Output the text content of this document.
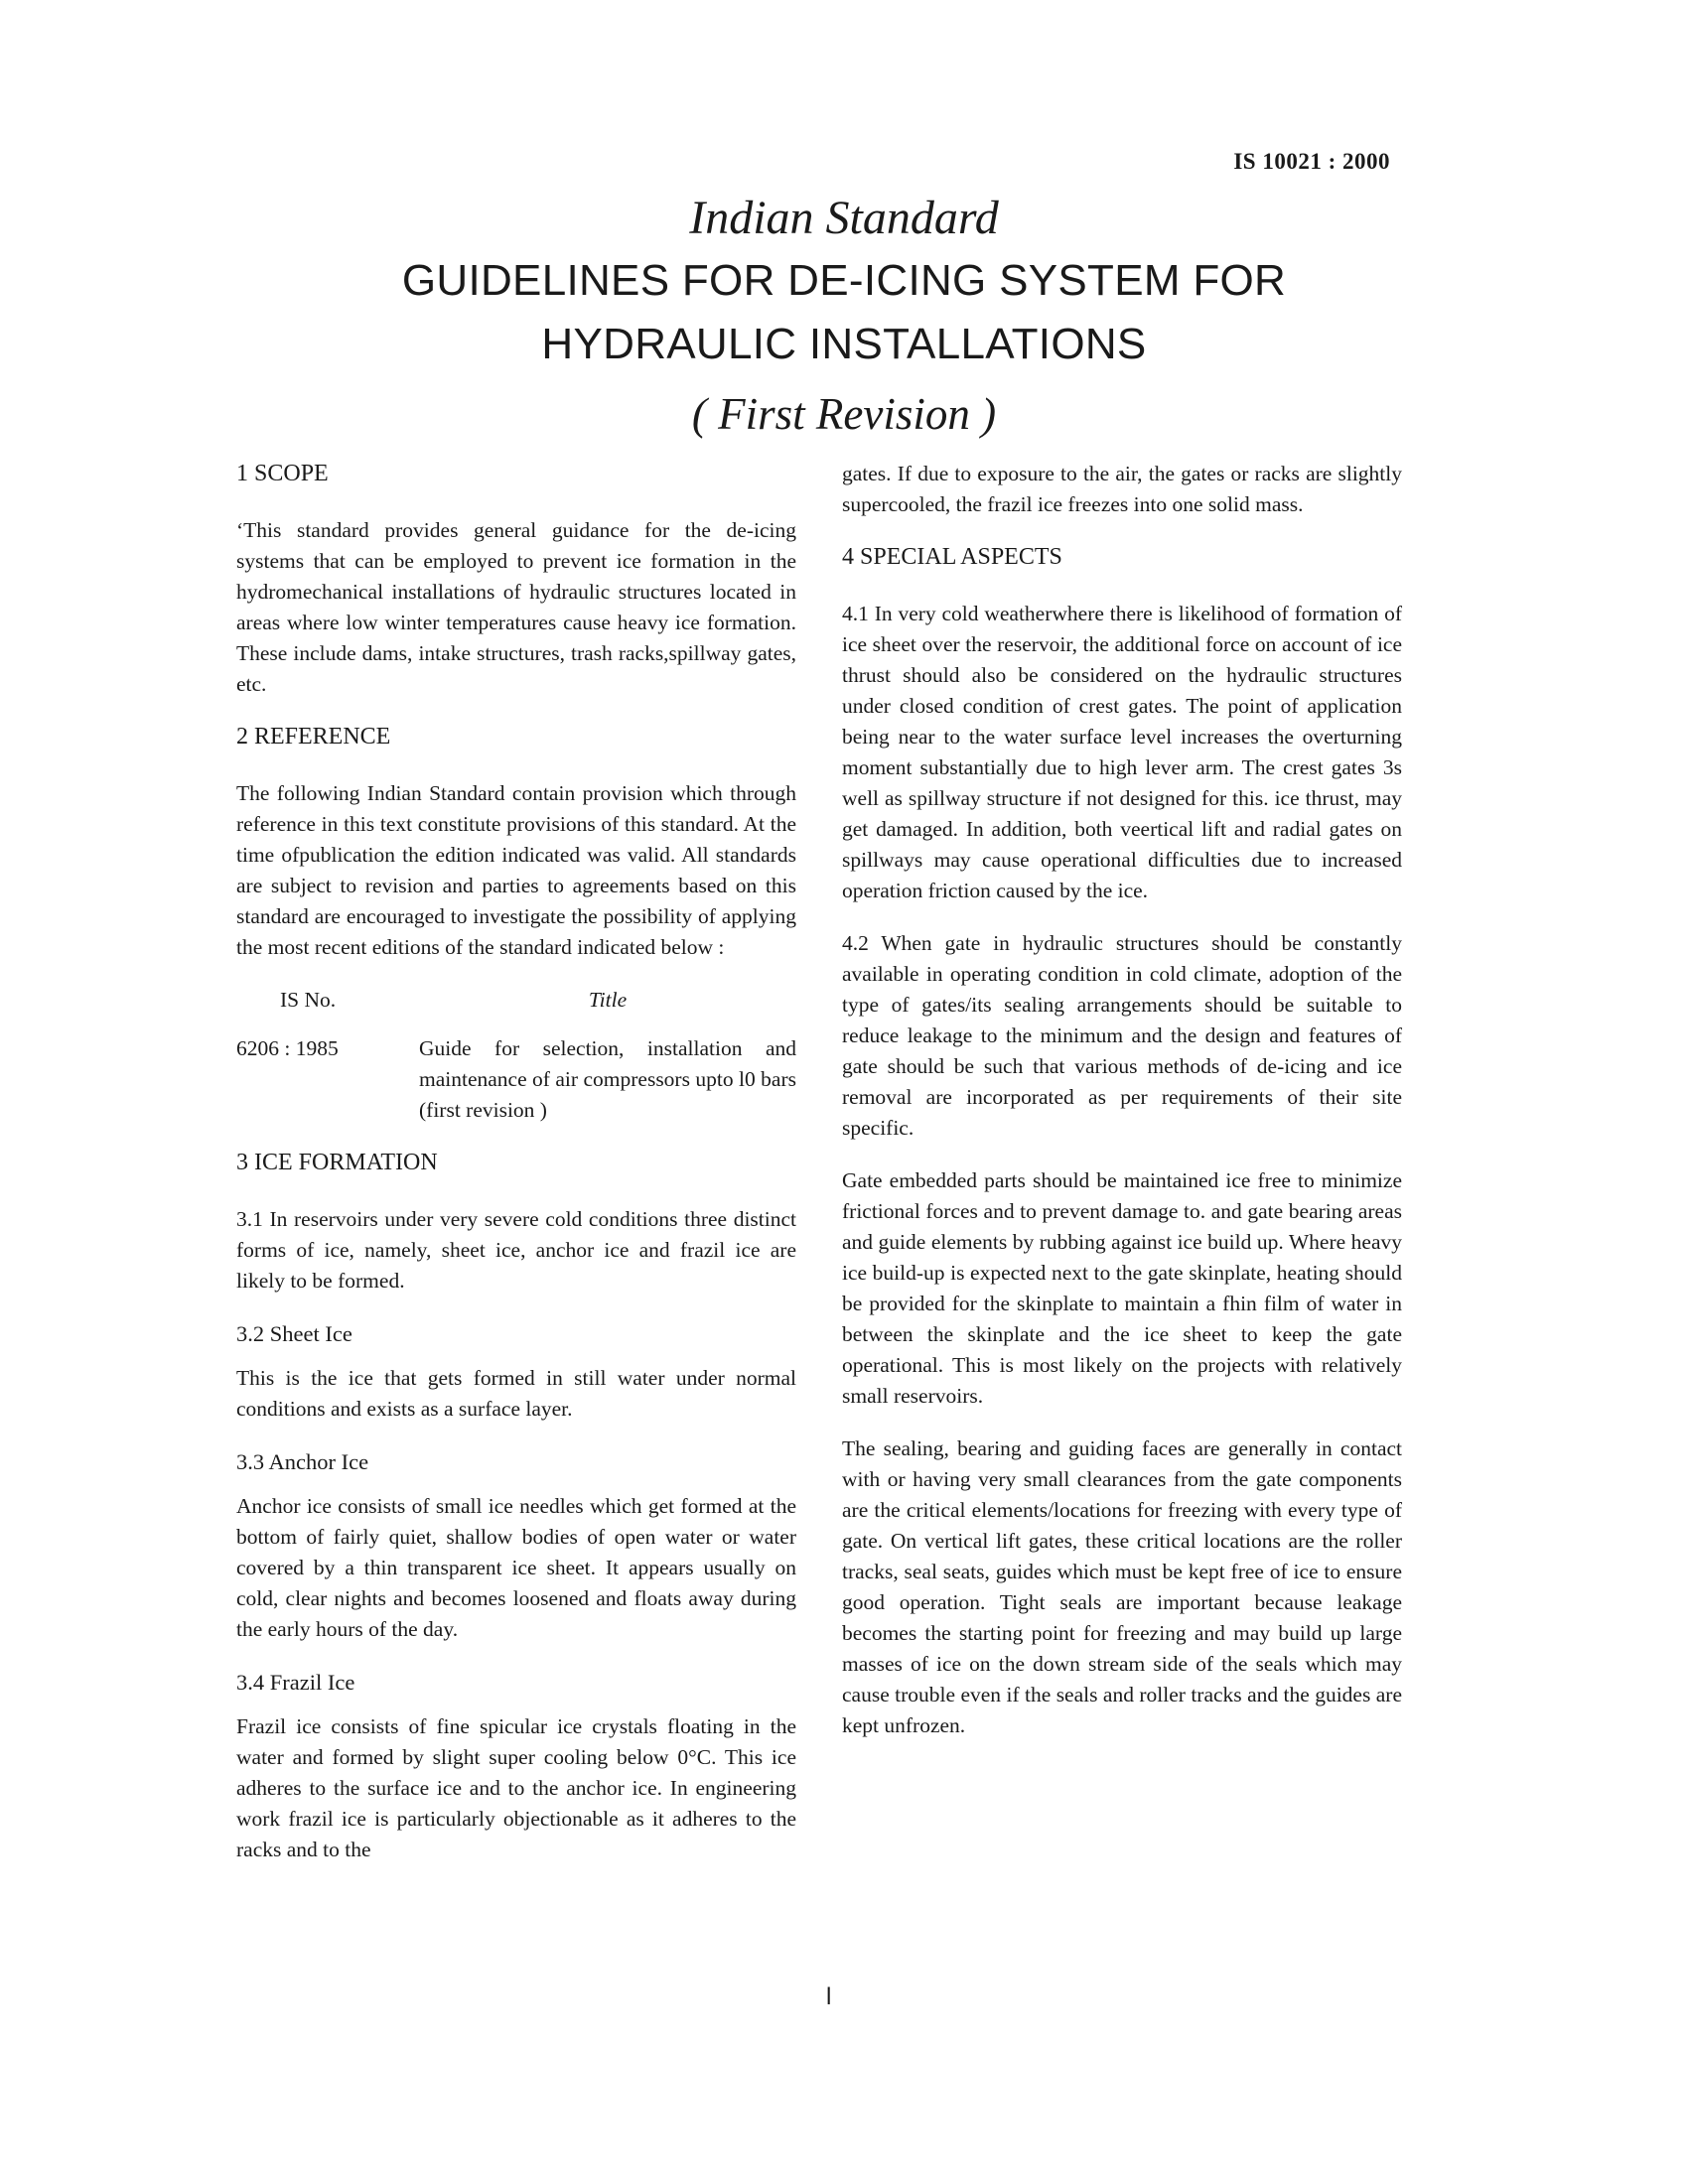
IS 10021 : 2000
Indian Standard
GUIDELINES FOR DE-ICING SYSTEM FOR
HYDRAULIC INSTALLATIONS
( First Revision )
1 SCOPE

‘This standard provides general guidance for the de-icing systems that can be employed to prevent ice formation in the hydromechanical installations of hydraulic structures located in areas where low winter temperatures cause heavy ice formation. These include dams, intake structures, trash racks,spillway gates, etc.

2 REFERENCE

The following Indian Standard contain provision which through reference in this text constitute provisions of this standard. At the time ofpublication the edition indicated was valid. All standards are subject to revision and parties to agreements based on this standard are encouraged to investigate the possibility of applying the most recent editions of the standard indicated below :

IS No.	Title
6206 : 1985	Guide for selection, installation and maintenance of air compressors upto l0 bars (first revision )
3 ICE FORMATION

3.1 In reservoirs under very severe cold conditions three distinct forms of ice, namely, sheet ice, anchor ice and frazil ice are likely to be formed.

3.2 Sheet Ice

This is the ice that gets formed in still water under normal conditions and exists as a surface layer.

3.3 Anchor Ice

Anchor ice consists of small ice needles which get formed at the bottom of fairly quiet, shallow bodies of open water or water covered by a thin transparent ice sheet. It appears usually on cold, clear nights and becomes loosened and floats away during the early hours of the day.

3.4 Frazil Ice

Frazil ice consists of fine spicular ice crystals floating in the water and formed by slight super cooling below 0°C. This ice adheres to the surface ice and to the anchor ice. In engineering work frazil ice is particularly objectionable as it adheres to the racks and to the

gates. If due to exposure to the air, the gates or racks are slightly supercooled, the frazil ice freezes into one solid mass.

4 SPECIAL ASPECTS

4.1 In very cold weatherwhere there is likelihood of formation of ice sheet over the reservoir, the additional force on account of ice thrust should also be considered on the hydraulic structures under closed condition of crest gates. The point of application being near to the water surface level increases the overturning moment substantially due to high lever arm. The crest gates 3s well as spillway structure if not designed for this. ice thrust, may get damaged. In addition, both veertical lift and radial gates on spillways may cause operational difficulties due to increased operation friction caused by the ice.

4.2 When gate in hydraulic structures should be constantly available in operating condition in cold climate, adoption of the type of gates/its sealing arrangements should be suitable to reduce leakage to the minimum and the design and features of gate should be such that various methods of de-icing and ice removal are incorporated as per requirements of their site specific.

Gate embedded parts should be maintained ice free to minimize frictional forces and to prevent damage to. and gate bearing areas and guide elements by rubbing against ice build up. Where heavy ice build-up is expected next to the gate skinplate, heating should be provided for the skinplate to maintain a fhin film of water in between the skinplate and the ice sheet to keep the gate operational. This is most likely on the projects with relatively small reservoirs.

The sealing, bearing and guiding faces are generally in contact with or having very small clearances from the gate components are the critical elements/locations for freezing with every type of gate. On vertical lift gates, these critical locations are the roller tracks, seal seats, guides which must be kept free of ice to ensure good operation. Tight seals are important because leakage becomes the starting point for freezing and may build up large masses of ice on the down stream side of the seals which may cause trouble even if the seals and roller tracks and the guides are kept unfrozen.

l
